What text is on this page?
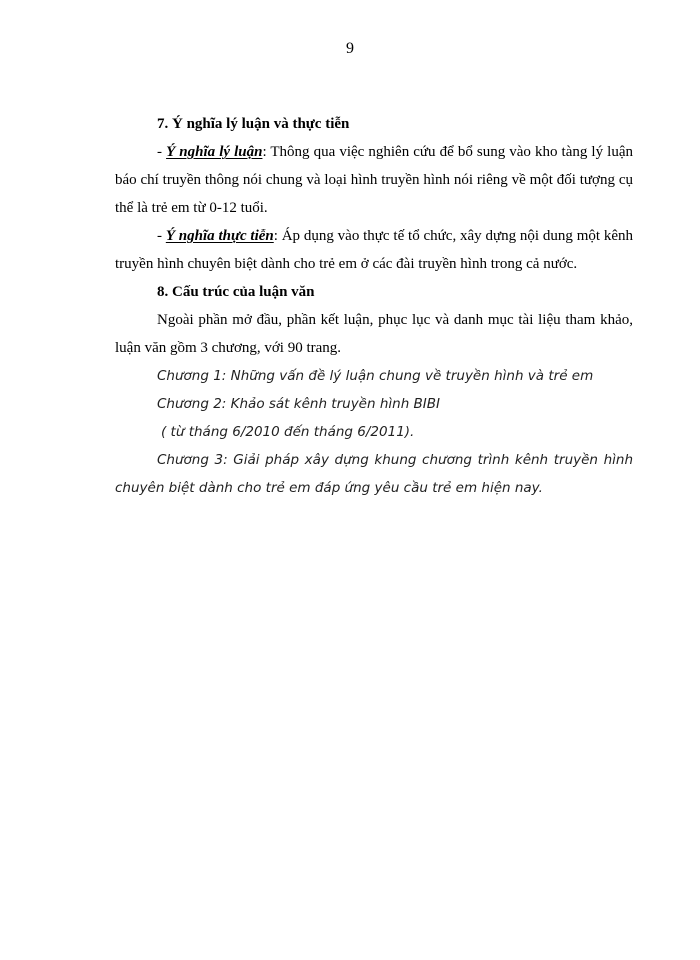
9

7. Ý nghĩa lý luận và thực tiễn

- Ý nghĩa lý luận: Thông qua việc nghiên cứu để bổ sung vào kho tàng lý luận báo chí truyền thông nói chung và loại hình truyền hình nói riêng về một đối tượng cụ thể là trẻ em từ 0-12 tuổi.

- Ý nghĩa thực tiễn: Áp dụng vào thực tế tổ chức, xây dựng nội dung một kênh truyền hình chuyên biệt dành cho trẻ em ở các đài truyền hình trong cả nước.

8. Cấu trúc của luận văn

Ngoài phần mở đầu, phần kết luận, phục lục và danh mục tài liệu tham khảo, luận văn gồm 3 chương, với 90 trang.

Chương 1: Những vấn đề lý luận chung về truyền hình và trẻ em

Chương 2: Khảo sát kênh truyền hình BIBI

( từ tháng 6/2010 đến tháng 6/2011).

Chương 3: Giải pháp xây dựng khung chương trình kênh truyền hình chuyên biệt dành cho trẻ em đáp ứng yêu cầu trẻ em hiện nay.
